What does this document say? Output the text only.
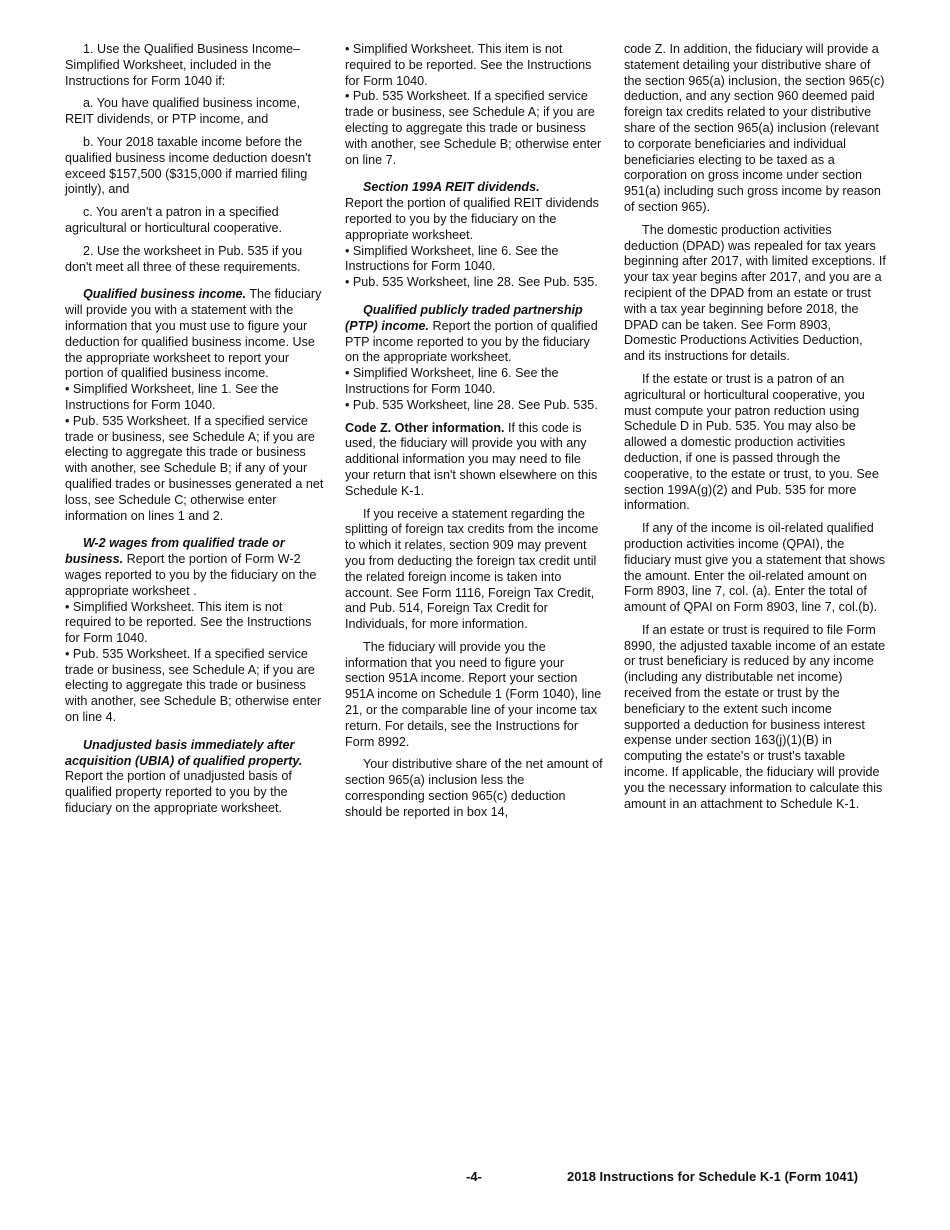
1. Use the Qualified Business Income–Simplified Worksheet, included in the Instructions for Form 1040 if:

a. You have qualified business income, REIT dividends, or PTP income, and

b. Your 2018 taxable income before the qualified business income deduction doesn't exceed $157,500 ($315,000 if married filing jointly), and

c. You aren't a patron in a specified agricultural or horticultural cooperative.

2. Use the worksheet in Pub. 535 if you don't meet all three of these requirements.

Qualified business income. The fiduciary will provide you with a statement with the information that you must use to figure your deduction for qualified business income. Use the appropriate worksheet to report your portion of qualified business income.

• Simplified Worksheet, line 1. See the Instructions for Form 1040.

• Pub. 535 Worksheet. If a specified service trade or business, see Schedule A; if you are electing to aggregate this trade or business with another, see Schedule B; if any of your qualified trades or businesses generated a net loss, see Schedule C; otherwise enter information on lines 1 and 2.

W-2 wages from qualified trade or business. Report the portion of Form W-2 wages reported to you by the fiduciary on the appropriate worksheet .

• Simplified Worksheet. This item is not required to be reported. See the Instructions for Form 1040.

• Pub. 535 Worksheet. If a specified service trade or business, see Schedule A; if you are electing to aggregate this trade or business with another, see Schedule B; otherwise enter on line 4.

Unadjusted basis immediately after acquisition (UBIA) of qualified property. Report the portion of unadjusted basis of qualified property reported to you by the fiduciary on the appropriate worksheet.

• Simplified Worksheet. This item is not required to be reported. See the Instructions for Form 1040.

• Pub. 535 Worksheet. If a specified service trade or business, see Schedule A; if you are electing to aggregate this trade or business with another, see Schedule B; otherwise enter on line 7.

Section 199A REIT dividends.
Report the portion of qualified REIT dividends reported to you by the fiduciary on the appropriate worksheet.

• Simplified Worksheet, line 6. See the Instructions for Form 1040.

• Pub. 535 Worksheet, line 28. See Pub. 535.

Qualified publicly traded partnership (PTP) income. Report the portion of qualified PTP income reported to you by the fiduciary on the appropriate worksheet.

• Simplified Worksheet, line 6. See the Instructions for Form 1040.

• Pub. 535 Worksheet, line 28. See Pub. 535.

Code Z. Other information. If this code is used, the fiduciary will provide you with any additional information you may need to file your return that isn't shown elsewhere on this Schedule K-1.

If you receive a statement regarding the splitting of foreign tax credits from the income to which it relates, section 909 may prevent you from deducting the foreign tax credit until the related foreign income is taken into account. See Form 1116, Foreign Tax Credit, and Pub. 514, Foreign Tax Credit for Individuals, for more information.

The fiduciary will provide you the information that you need to figure your section 951A income. Report your section 951A income on Schedule 1 (Form 1040), line 21, or the comparable line of your income tax return. For details, see the Instructions for Form 8992.

Your distributive share of the net amount of section 965(a) inclusion less the corresponding section 965(c) deduction should be reported in box 14,

code Z. In addition, the fiduciary will provide a statement detailing your distributive share of the section 965(a) inclusion, the section 965(c) deduction, and any section 960 deemed paid foreign tax credits related to your distributive share of the section 965(a) inclusion (relevant to corporate beneficiaries and individual beneficiaries electing to be taxed as a corporation on gross income under section 951(a) including such gross income by reason of section 965).

The domestic production activities deduction (DPAD) was repealed for tax years beginning after 2017, with limited exceptions. If your tax year begins after 2017, and you are a recipient of the DPAD from an estate or trust with a tax year beginning before 2018, the DPAD can be taken. See Form 8903, Domestic Productions Activities Deduction, and its instructions for details.

If the estate or trust is a patron of an agricultural or horticultural cooperative, you must compute your patron reduction using Schedule D in Pub. 535. You may also be allowed a domestic production activities deduction, if one is passed through the cooperative, to the estate or trust, to you. See section 199A(g)(2) and Pub. 535 for more information.

If any of the income is oil-related qualified production activities income (QPAI), the fiduciary must give you a statement that shows the amount. Enter the oil-related amount on Form 8903, line 7, col. (a). Enter the total of amount of QPAI on Form 8903, line 7, col.(b).

If an estate or trust is required to file Form 8990, the adjusted taxable income of an estate or trust beneficiary is reduced by any income (including any distributable net income) received from the estate or trust by the beneficiary to the extent such income supported a deduction for business interest expense under section 163(j)(1)(B) in computing the estate's or trust's taxable income. If applicable, the fiduciary will provide you the necessary information to calculate this amount in an attachment to Schedule K-1.

-4-	2018 Instructions for Schedule K-1 (Form 1041)
